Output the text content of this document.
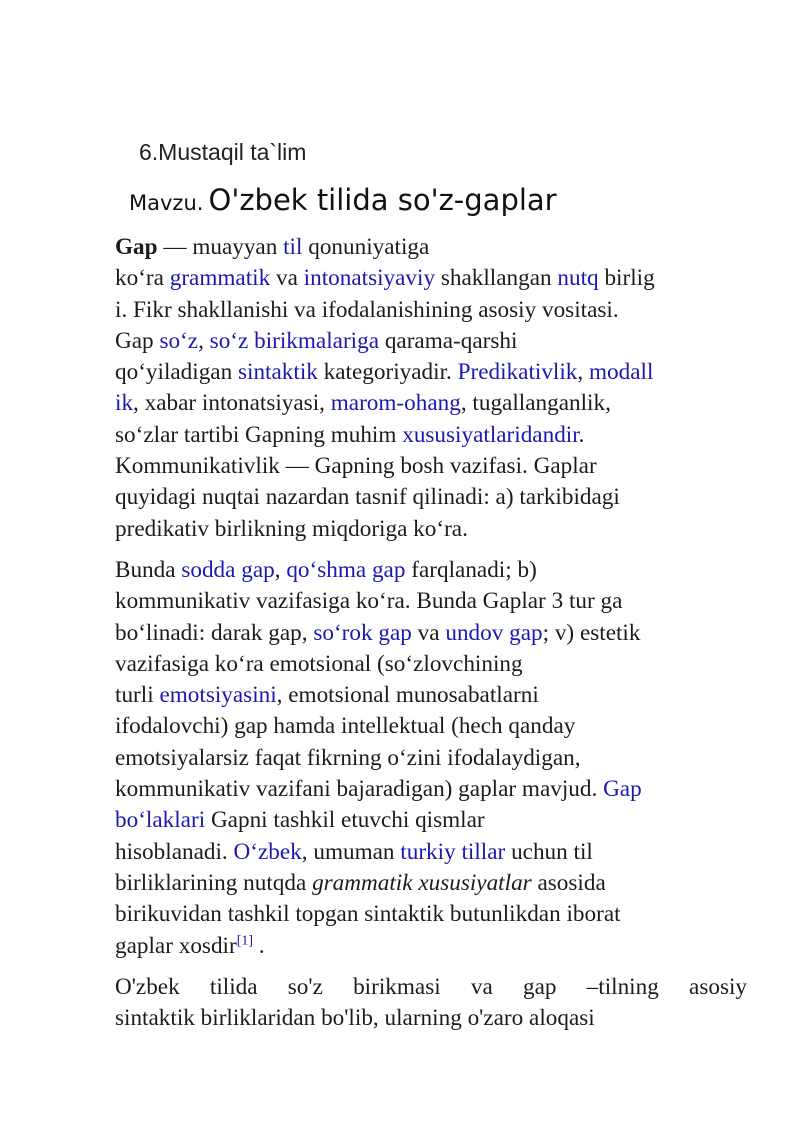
6.Mustaqil ta`lim
Mavzu. O'zbek tilida so'z-gaplar

Gap — muayyan til qonuniyatiga
ko‘ra grammatik va intonatsiyaviy shakllangan nutq birlig
i. Fikr shakllanishi va ifodalanishining asosiy vositasi.
Gap so‘z, so‘z birikmalariga qarama-qarshi
qo‘yiladigan sintaktik kategoriyadir. Predikativlik, modall
ik, xabar intonatsiyasi, marom-ohang, tugallanganlik,
so‘zlar tartibi Gapning muhim xususiyatlaridandir.
Kommunikativlik — Gapning bosh vazifasi. Gaplar
quyidagi nuqtai nazardan tasnif qilinadi: a) tarkibidagi
predikativ birlikning miqdoriga ko‘ra.

Bunda sodda gap, qo‘shma gap farqlanadi; b)
kommunikativ vazifasiga ko‘ra. Bunda Gaplar 3 tur ga
bo‘linadi: darak gap, so‘rok gap va undov gap; v) estetik
vazifasiga ko‘ra emotsional (so‘zlovchining
turli emotsiyasini, emotsional munosabatlarni
ifodalovchi) gap hamda intellektual (hech qanday
emotsiyalarsiz faqat fikrning o‘zini ifodalaydigan,
kommunikativ vazifani bajaradigan) gaplar mavjud. Gap
bo‘laklari Gapni tashkil etuvchi qismlar
hisoblanadi. O‘zbek, umuman turkiy tillar uchun til
birliklarining nutqda grammatik xususiyatlar asosida
birikuvidan tashkil topgan sintaktik butunlikdan iborat
gaplar xosdir[1] .

O'zbek tilida so'z birikmasi va gap –tilning asosiy
sintaktik birliklaridan bo'lib, ularning o'zaro aloqasi
